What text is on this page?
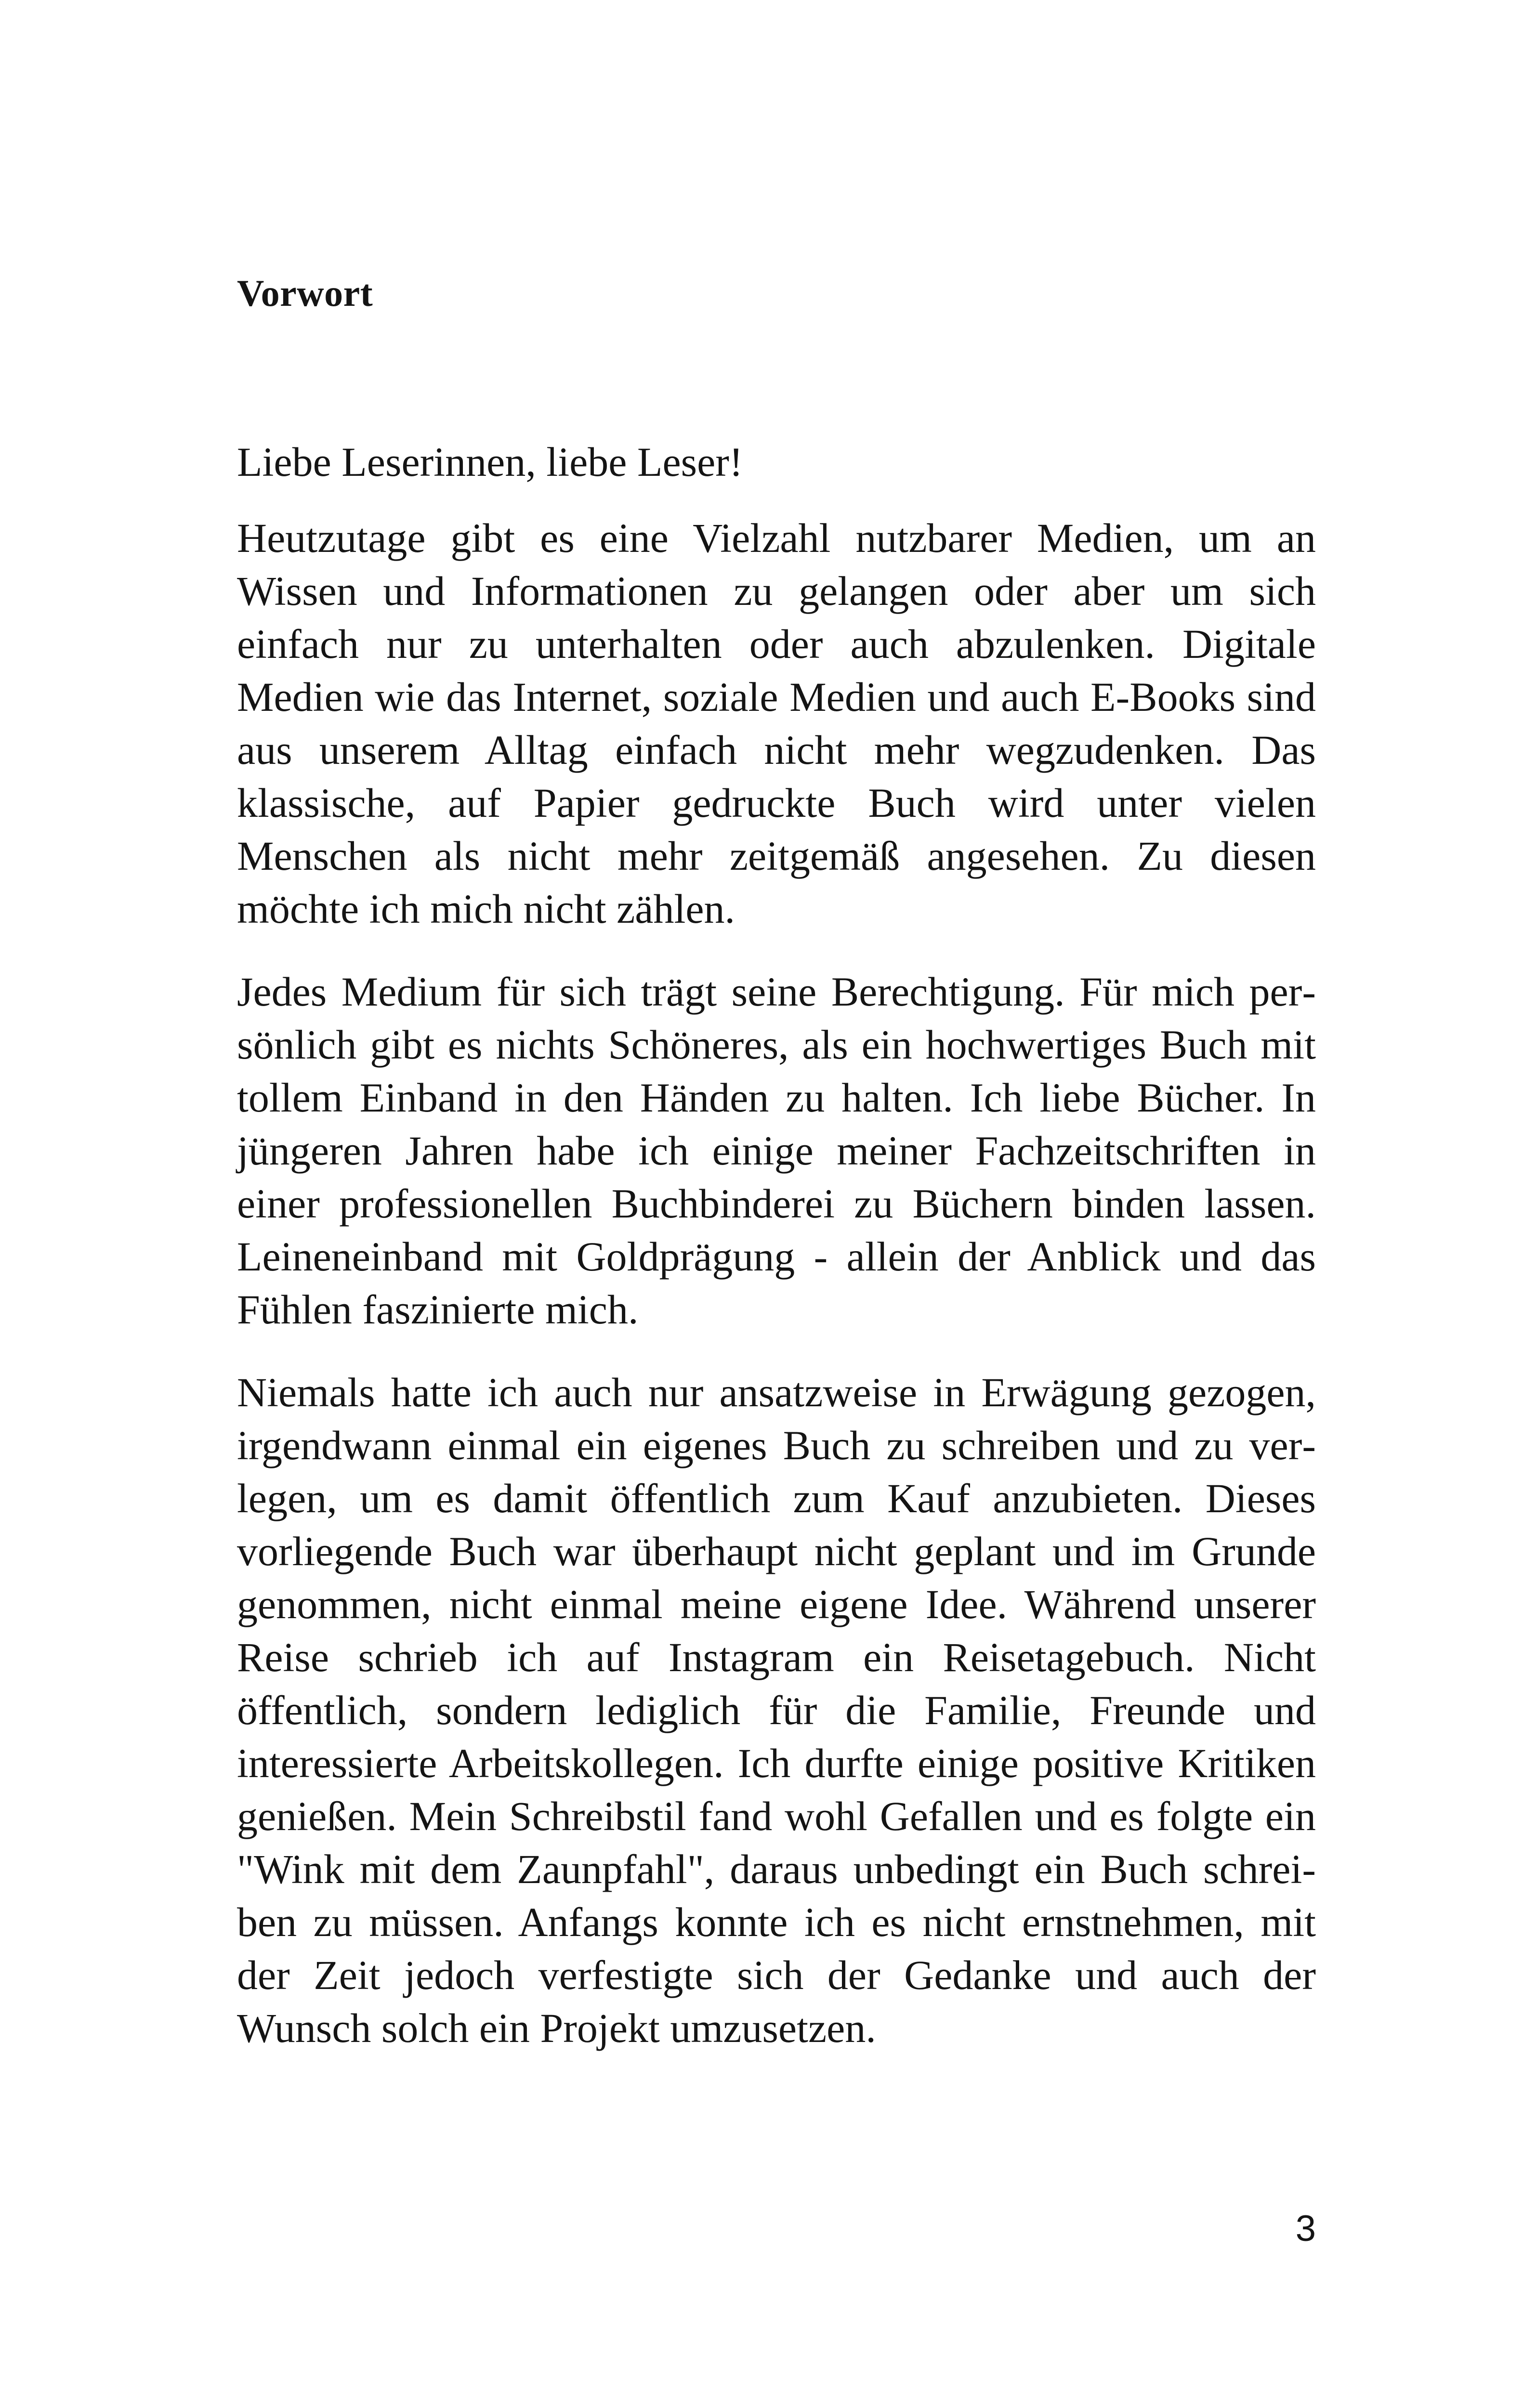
Vorwort

Liebe Leserinnen, liebe Leser!

Heutzutage gibt es eine Vielzahl nutzbarer Medien, um an Wissen und Informationen zu gelangen oder aber um sich einfach nur zu unterhalten oder auch abzulenken. Digitale Medien wie das Internet, soziale Medien und auch E-Books sind aus unserem Alltag einfach nicht mehr wegzudenken. Das klassische, auf Papier gedruckte Buch wird unter vielen Menschen als nicht mehr zeitgemäß angesehen. Zu diesen möchte ich mich nicht zählen.

Jedes Medium für sich trägt seine Berechtigung. Für mich persönlich gibt es nichts Schöneres, als ein hochwertiges Buch mit tollem Einband in den Händen zu halten. Ich liebe Bücher. In jüngeren Jahren habe ich einige meiner Fachzeitschriften in einer professionellen Buchbinderei zu Büchern binden lassen. Leineneinband mit Goldprägung - allein der Anblick und das Fühlen faszinierte mich.

Niemals hatte ich auch nur ansatzweise in Erwägung gezogen, irgendwann einmal ein eigenes Buch zu schreiben und zu verlegen, um es damit öffentlich zum Kauf anzubieten. Dieses vorliegende Buch war überhaupt nicht geplant und im Grunde genommen, nicht einmal meine eigene Idee. Während unserer Reise schrieb ich auf Instagram ein Reisetagebuch. Nicht öffentlich, sondern lediglich für die Familie, Freunde und interessierte Arbeitskollegen. Ich durfte einige positive Kritiken genießen. Mein Schreibstil fand wohl Gefallen und es folgte ein "Wink mit dem Zaunpfahl", daraus unbedingt ein Buch schreiben zu müssen. Anfangs konnte ich es nicht ernstnehmen, mit der Zeit jedoch verfestigte sich der Gedanke und auch der Wunsch solch ein Projekt umzusetzen.

3
